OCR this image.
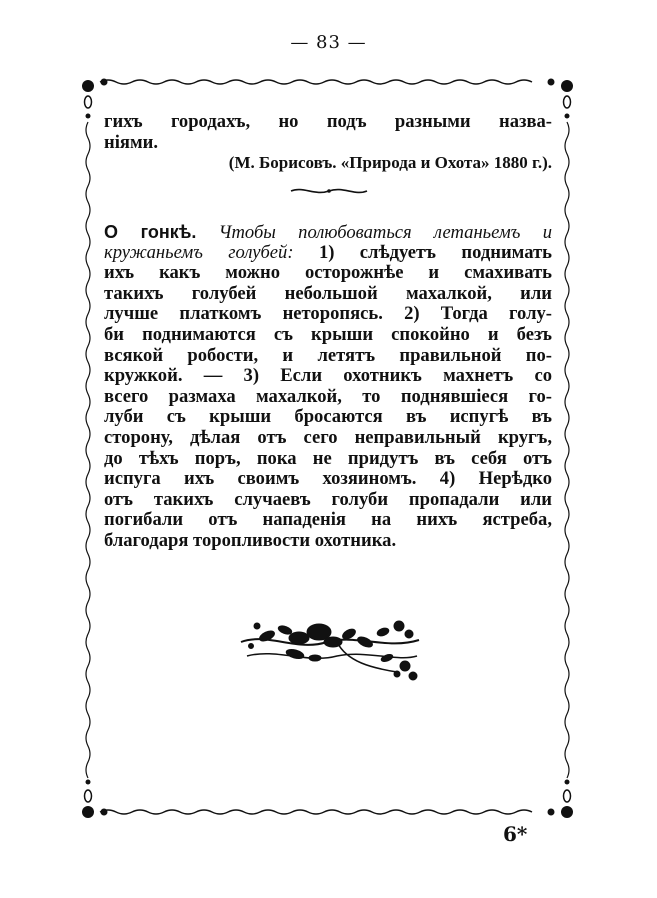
— 83 —
гихъ городахъ, но подъ разными назва-
ніями.
(М. Борисовъ. «Природа и Охота» 1880 г.).
О гонкѣ. Чтобы полюбоваться летаньемъ и
кружаньемъ голубей: 1) слѣдуетъ поднимать
ихъ какъ можно осторожнѣе и смахивать
такихъ голубей небольшой махалкой, или
лучше платкомъ неторопясь. 2) Тогда голу-
би поднимаются съ крыши спокойно и безъ
всякой робости, и летятъ правильной по-
кружкой. — 3) Если охотникъ махнетъ со
всего размаха махалкой, то поднявшіеся го-
луби съ крыши бросаются въ испугѣ въ
сторону, дѣлая отъ сего неправильный кругъ,
до тѣхъ поръ, пока не придутъ въ себя отъ
испуга ихъ своимъ хозяиномъ. 4) Нерѣдко
отъ такихъ случаевъ голуби пропадали или
погибали отъ нападенія на нихъ ястреба,
благодаря торопливости охотника.
6*
